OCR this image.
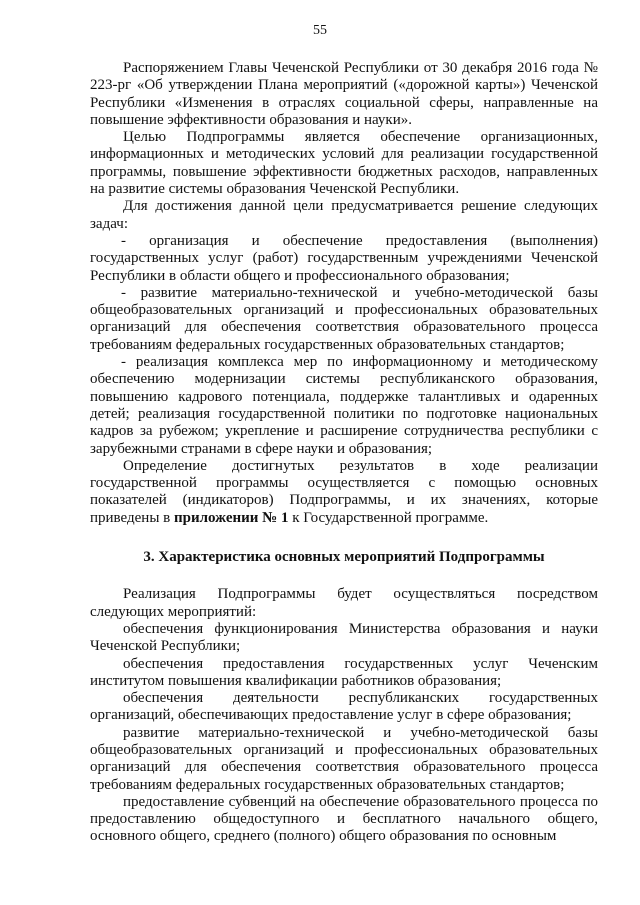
55

Распоряжением Главы Чеченской Республики от 30 декабря 2016 года № 223-рг «Об утверждении Плана мероприятий («дорожной карты») Чеченской Республики «Изменения в отраслях социальной сферы, направленные на повышение эффективности образования и науки».

Целью Подпрограммы является обеспечение организационных, информационных и методических условий для реализации государственной программы, повышение эффективности бюджетных расходов, направленных на развитие системы образования Чеченской Республики.

Для достижения данной цели предусматривается решение следующих задач:

- организация и обеспечение предоставления (выполнения) государственных услуг (работ) государственным учреждениями Чеченской Республики в области общего и профессионального образования;

- развитие материально-технической и учебно-методической базы общеобразовательных организаций и профессиональных образовательных организаций для обеспечения соответствия образовательного процесса требованиям федеральных государственных образовательных стандартов;

- реализация комплекса мер по информационному и методическому обеспечению модернизации системы республиканского образования, повышению кадрового потенциала, поддержке талантливых и одаренных детей; реализация государственной политики по подготовке национальных кадров за рубежом; укрепление и расширение сотрудничества республики с зарубежными странами в сфере науки и образования;

Определение достигнутых результатов в ходе реализации государственной программы осуществляется с помощью основных показателей (индикаторов) Подпрограммы, и их значениях, которые приведены в приложении № 1 к Государственной программе.

3. Характеристика основных мероприятий Подпрограммы

Реализация Подпрограммы будет осуществляться посредством следующих мероприятий:

обеспечения функционирования Министерства образования и науки Чеченской Республики;

обеспечения предоставления государственных услуг Чеченским институтом повышения квалификации работников образования;

обеспечения деятельности республиканских государственных организаций, обеспечивающих предоставление услуг в сфере образования;

развитие материально-технической и учебно-методической базы общеобразовательных организаций и профессиональных образовательных организаций для обеспечения соответствия образовательного процесса требованиям федеральных государственных образовательных стандартов;

предоставление субвенций на обеспечение образовательного процесса по предоставлению общедоступного и бесплатного начального общего, основного общего, среднего (полного) общего образования по основным
